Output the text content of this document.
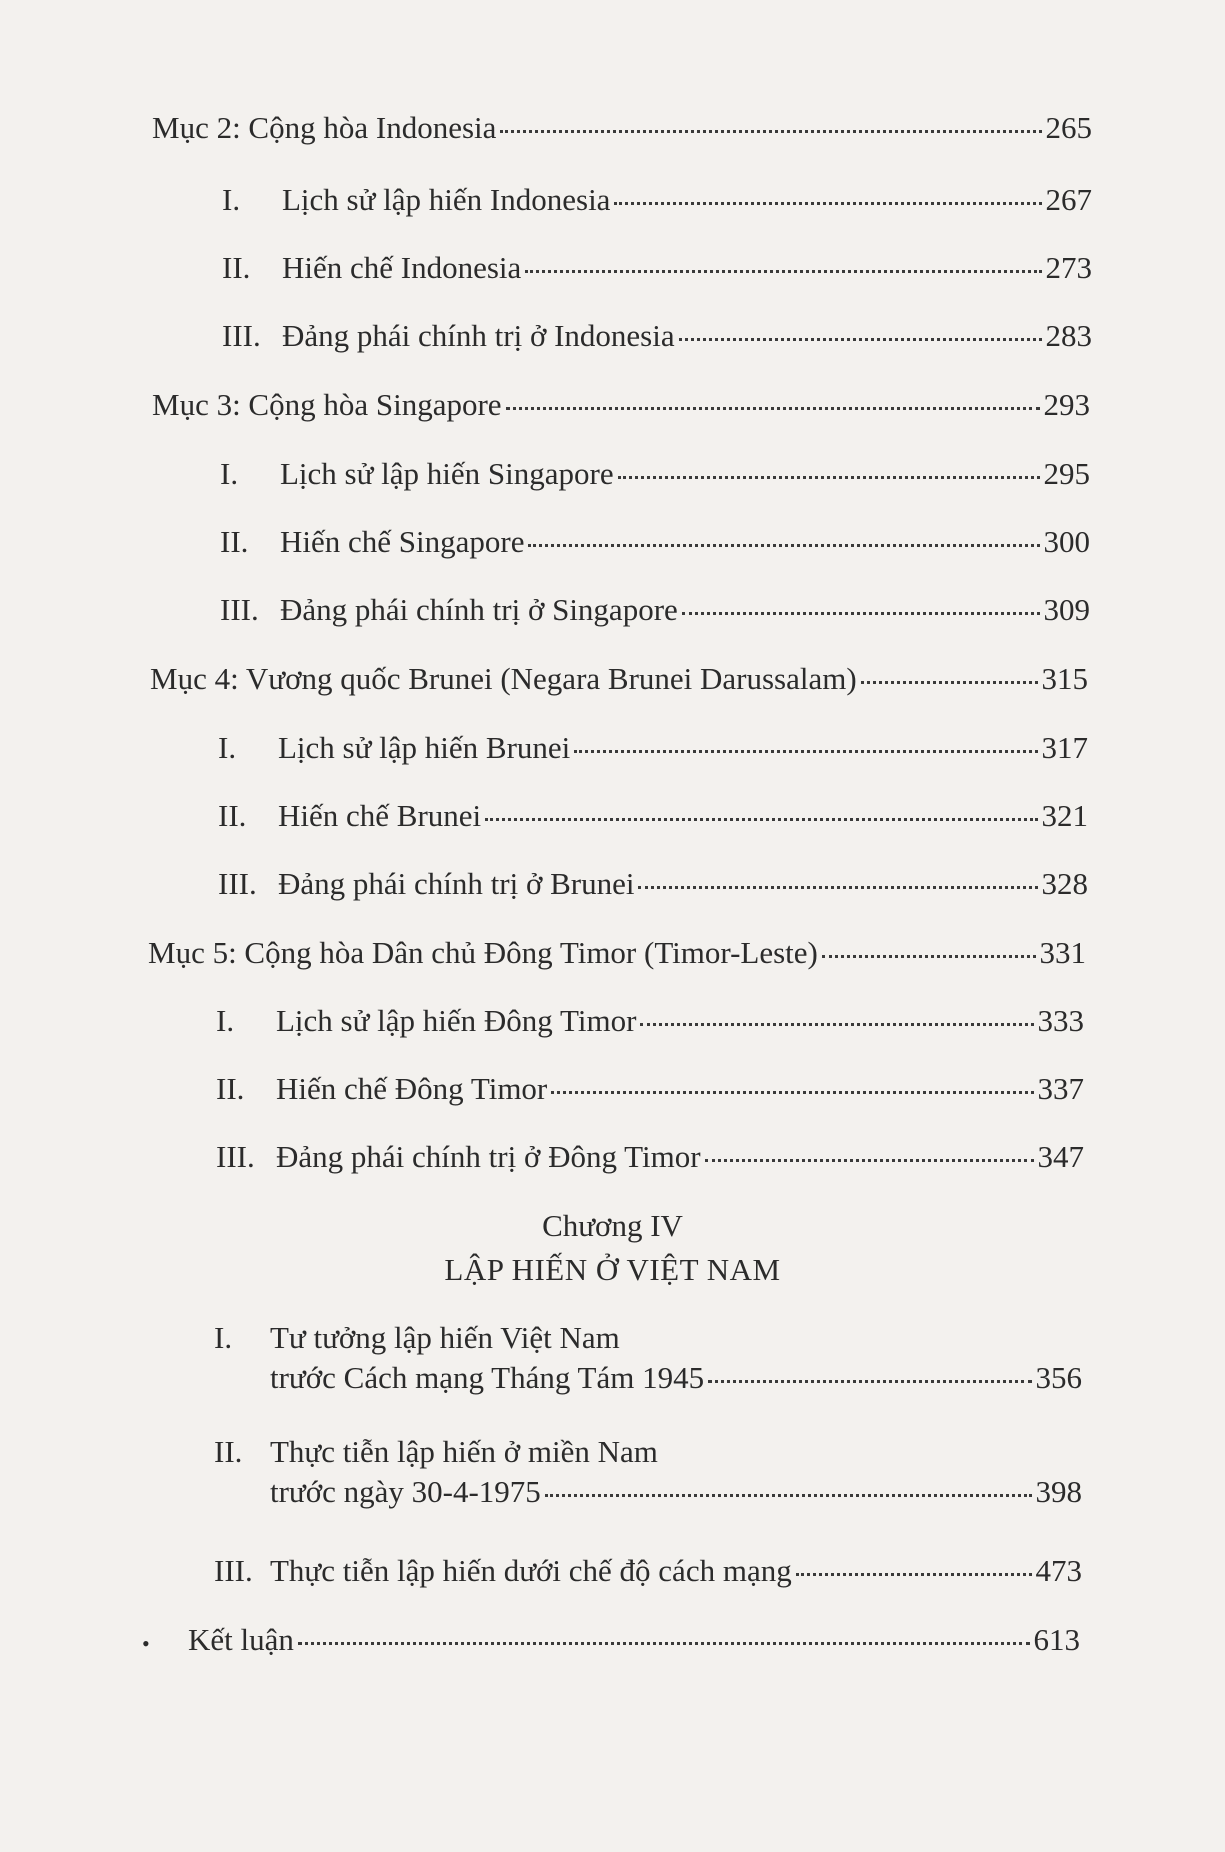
Mục 2: Cộng hòa Indonesia	265
I.	Lịch sử lập hiến Indonesia	267
II.	Hiến chế Indonesia	273
III. Đảng phái chính trị ở Indonesia	283
Mục 3: Cộng hòa Singapore	293
I.	Lịch sử lập hiến Singapore	295
II.	Hiến chế Singapore	300
III. Đảng phái chính trị ở Singapore	309
Mục 4: Vương quốc Brunei (Negara Brunei Darussalam)	315
I.	Lịch sử lập hiến Brunei	317
II.	Hiến chế Brunei	321
III. Đảng phái chính trị ở Brunei	328
Mục 5: Cộng hòa Dân chủ Đông Timor (Timor-Leste)	331
I.	Lịch sử lập hiến Đông Timor	333
II.	Hiến chế Đông Timor	337
III. Đảng phái chính trị ở Đông Timor	347
Chương IV
LẬP HIẾN Ở VIỆT NAM
I.	Tư tưởng lập hiến Việt Nam
trước Cách mạng Tháng Tám 1945	356
II. Thực tiễn lập hiến ở miền Nam
trước ngày 30-4-1975	398
III. Thực tiễn lập hiến dưới chế độ cách mạng	473
• Kết luận	613
